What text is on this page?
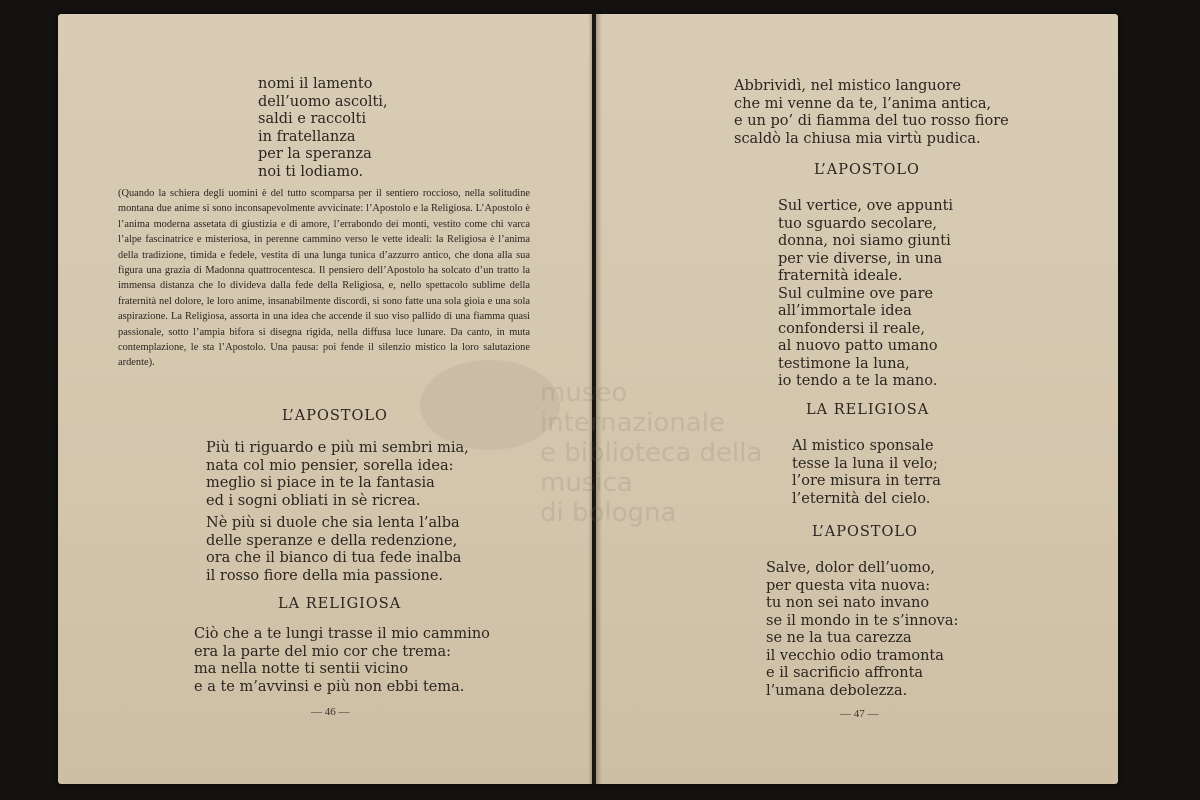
nomi il lamento
dell’uomo ascolti,
saldi e raccolti
in fratellanza
per la speranza
noi ti lodiamo.
(Quando la schiera degli uomini è del tutto scomparsa per il sentiero roccioso, nella solitudine montana due anime si sono inconsapevolmente avvicinate: l’Apostolo e la Religiosa. L’Apostolo è l’anima moderna assetata di giustizia e di amore, l’errabondo dei monti, vestito come chi varca l’alpe fascinatrice e misteriosa, in perenne cammino verso le vette ideali: la Religiosa è l’anima della tradizione, timida e fedele, vestita di una lunga tunica d’azzurro antico, che dona alla sua figura una grazia di Madonna quattrocentesca. Il pensiero dell’Apostolo ha solcato d’un tratto la immensa distanza che lo divideva dalla fede della Religiosa, e, nello spettacolo sublime della fraternità nel dolore, le loro anime, insanabilmente discordi, si sono fatte una sola gioia e una sola aspirazione. La Religiosa, assorta in una idea che accende il suo viso pallido di una fiamma quasi passionale, sotto l’ampia bifora si disegna rigida, nella diffusa luce lunare. Da canto, in muta contemplazione, le sta l’Apostolo. Una pausa: poi fende il silenzio mistico la loro salutazione ardente).
L’APOSTOLO
Più ti riguardo e più mi sembri mia,
nata col mio pensier, sorella idea:
meglio si piace in te la fantasia
ed i sogni obliati in sè ricrea.
Nè più si duole che sia lenta l’alba
delle speranze e della redenzione,
ora che il bianco di tua fede inalba
il rosso fiore della mia passione.
LA RELIGIOSA
Ciò che a te lungi trasse il mio cammino
era la parte del mio cor che trema:
ma nella notte ti sentii vicino
e a te m’avvinsi e più non ebbi tema.
— 46 —
Abbrividì, nel mistico languore
che mi venne da te, l’anima antica,
e un po’ di fiamma del tuo rosso fiore
scaldò la chiusa mia virtù pudica.
L’APOSTOLO
Sul vertice, ove appunti
tuo sguardo secolare,
donna, noi siamo giunti
per vie diverse, in una
fraternità ideale.
Sul culmine ove pare
all’immortale idea
confondersi il reale,
al nuovo patto umano
testimone la luna,
io tendo a te la mano.
LA RELIGIOSA
Al mistico sponsale
tesse la luna il velo;
l’ore misura in terra
l’eternità del cielo.
L’APOSTOLO
Salve, dolor dell’uomo,
per questa vita nuova:
tu non sei nato invano
se il mondo in te s’innova:
se ne la tua carezza
il vecchio odio tramonta
e il sacrificio affronta
l’umana debolezza.
— 47 —
